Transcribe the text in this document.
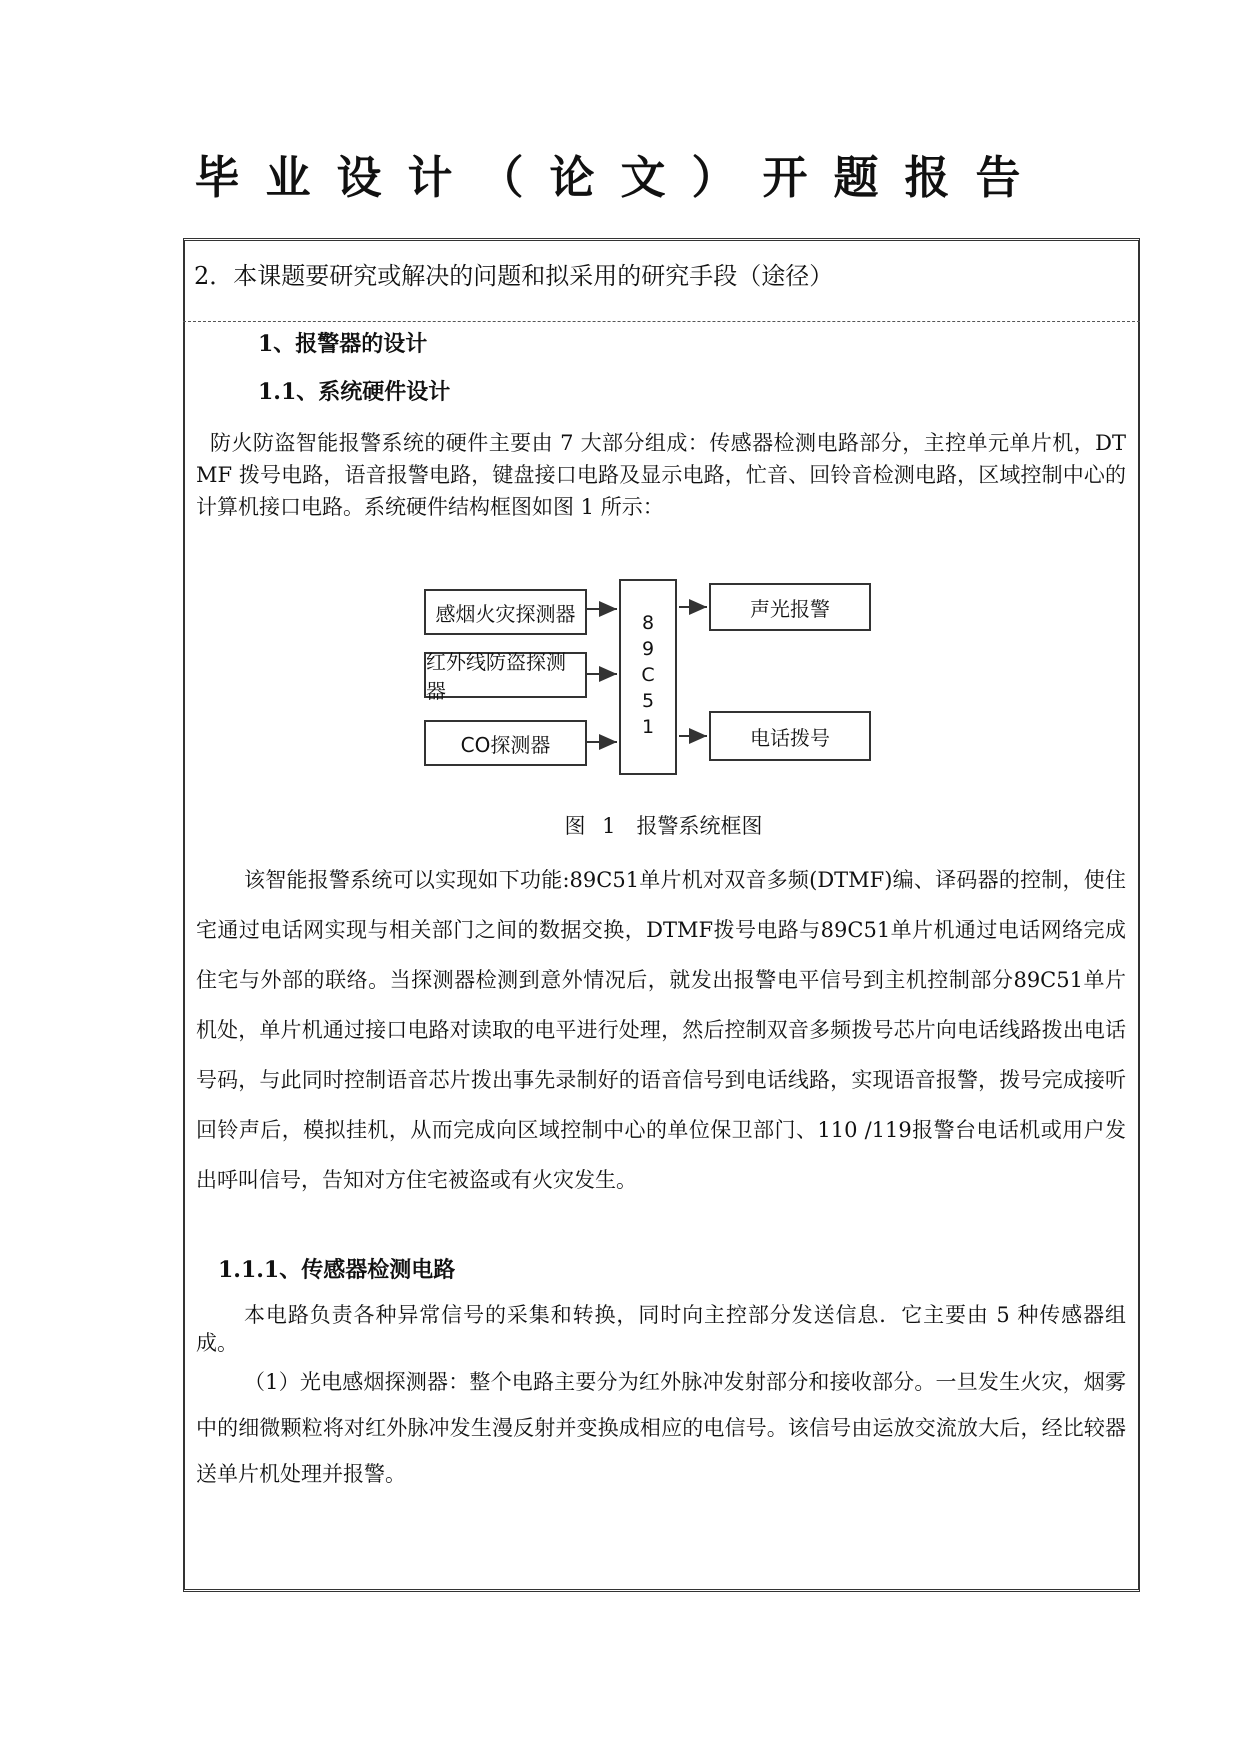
毕业设计（论文）开题报告

2．本课题要研究或解决的问题和拟采用的研究手段（途径）

1、报警器的设计

1.1、系统硬件设计

防火防盗智能报警系统的硬件主要由 7 大部分组成：传感器检测电路部分，主控单元单片机，DTMF 拨号电路，语音报警电路，键盘接口电路及显示电路，忙音、回铃音检测电路，区域控制中心的计算机接口电路。系统硬件结构框图如图 1 所示：

感烟火灾探测器
红外线防盗探测器
CO探测器
89C51
声光报警
电话拨号

图 1　报警系统框图

该智能报警系统可以实现如下功能:89C51单片机对双音多频(DTMF)编、译码器的控制，使住宅通过电话网实现与相关部门之间的数据交换，DTMF拨号电路与89C51单片机通过电话网络完成住宅与外部的联络。当探测器检测到意外情况后，就发出报警电平信号到主机控制部分89C51单片机处，单片机通过接口电路对读取的电平进行处理，然后控制双音多频拨号芯片向电话线路拨出电话号码，与此同时控制语音芯片拨出事先录制好的语音信号到电话线路，实现语音报警，拨号完成接听回铃声后，模拟挂机，从而完成向区域控制中心的单位保卫部门、110 /119报警台电话机或用户发出呼叫信号，告知对方住宅被盗或有火灾发生。

1.1.1、传感器检测电路

本电路负责各种异常信号的采集和转换，同时向主控部分发送信息．它主要由 5 种传感器组成。

（1）光电感烟探测器：整个电路主要分为红外脉冲发射部分和接收部分。一旦发生火灾，烟雾中的细微颗粒将对红外脉冲发生漫反射并变换成相应的电信号。该信号由运放交流放大后，经比较器送单片机处理并报警。
